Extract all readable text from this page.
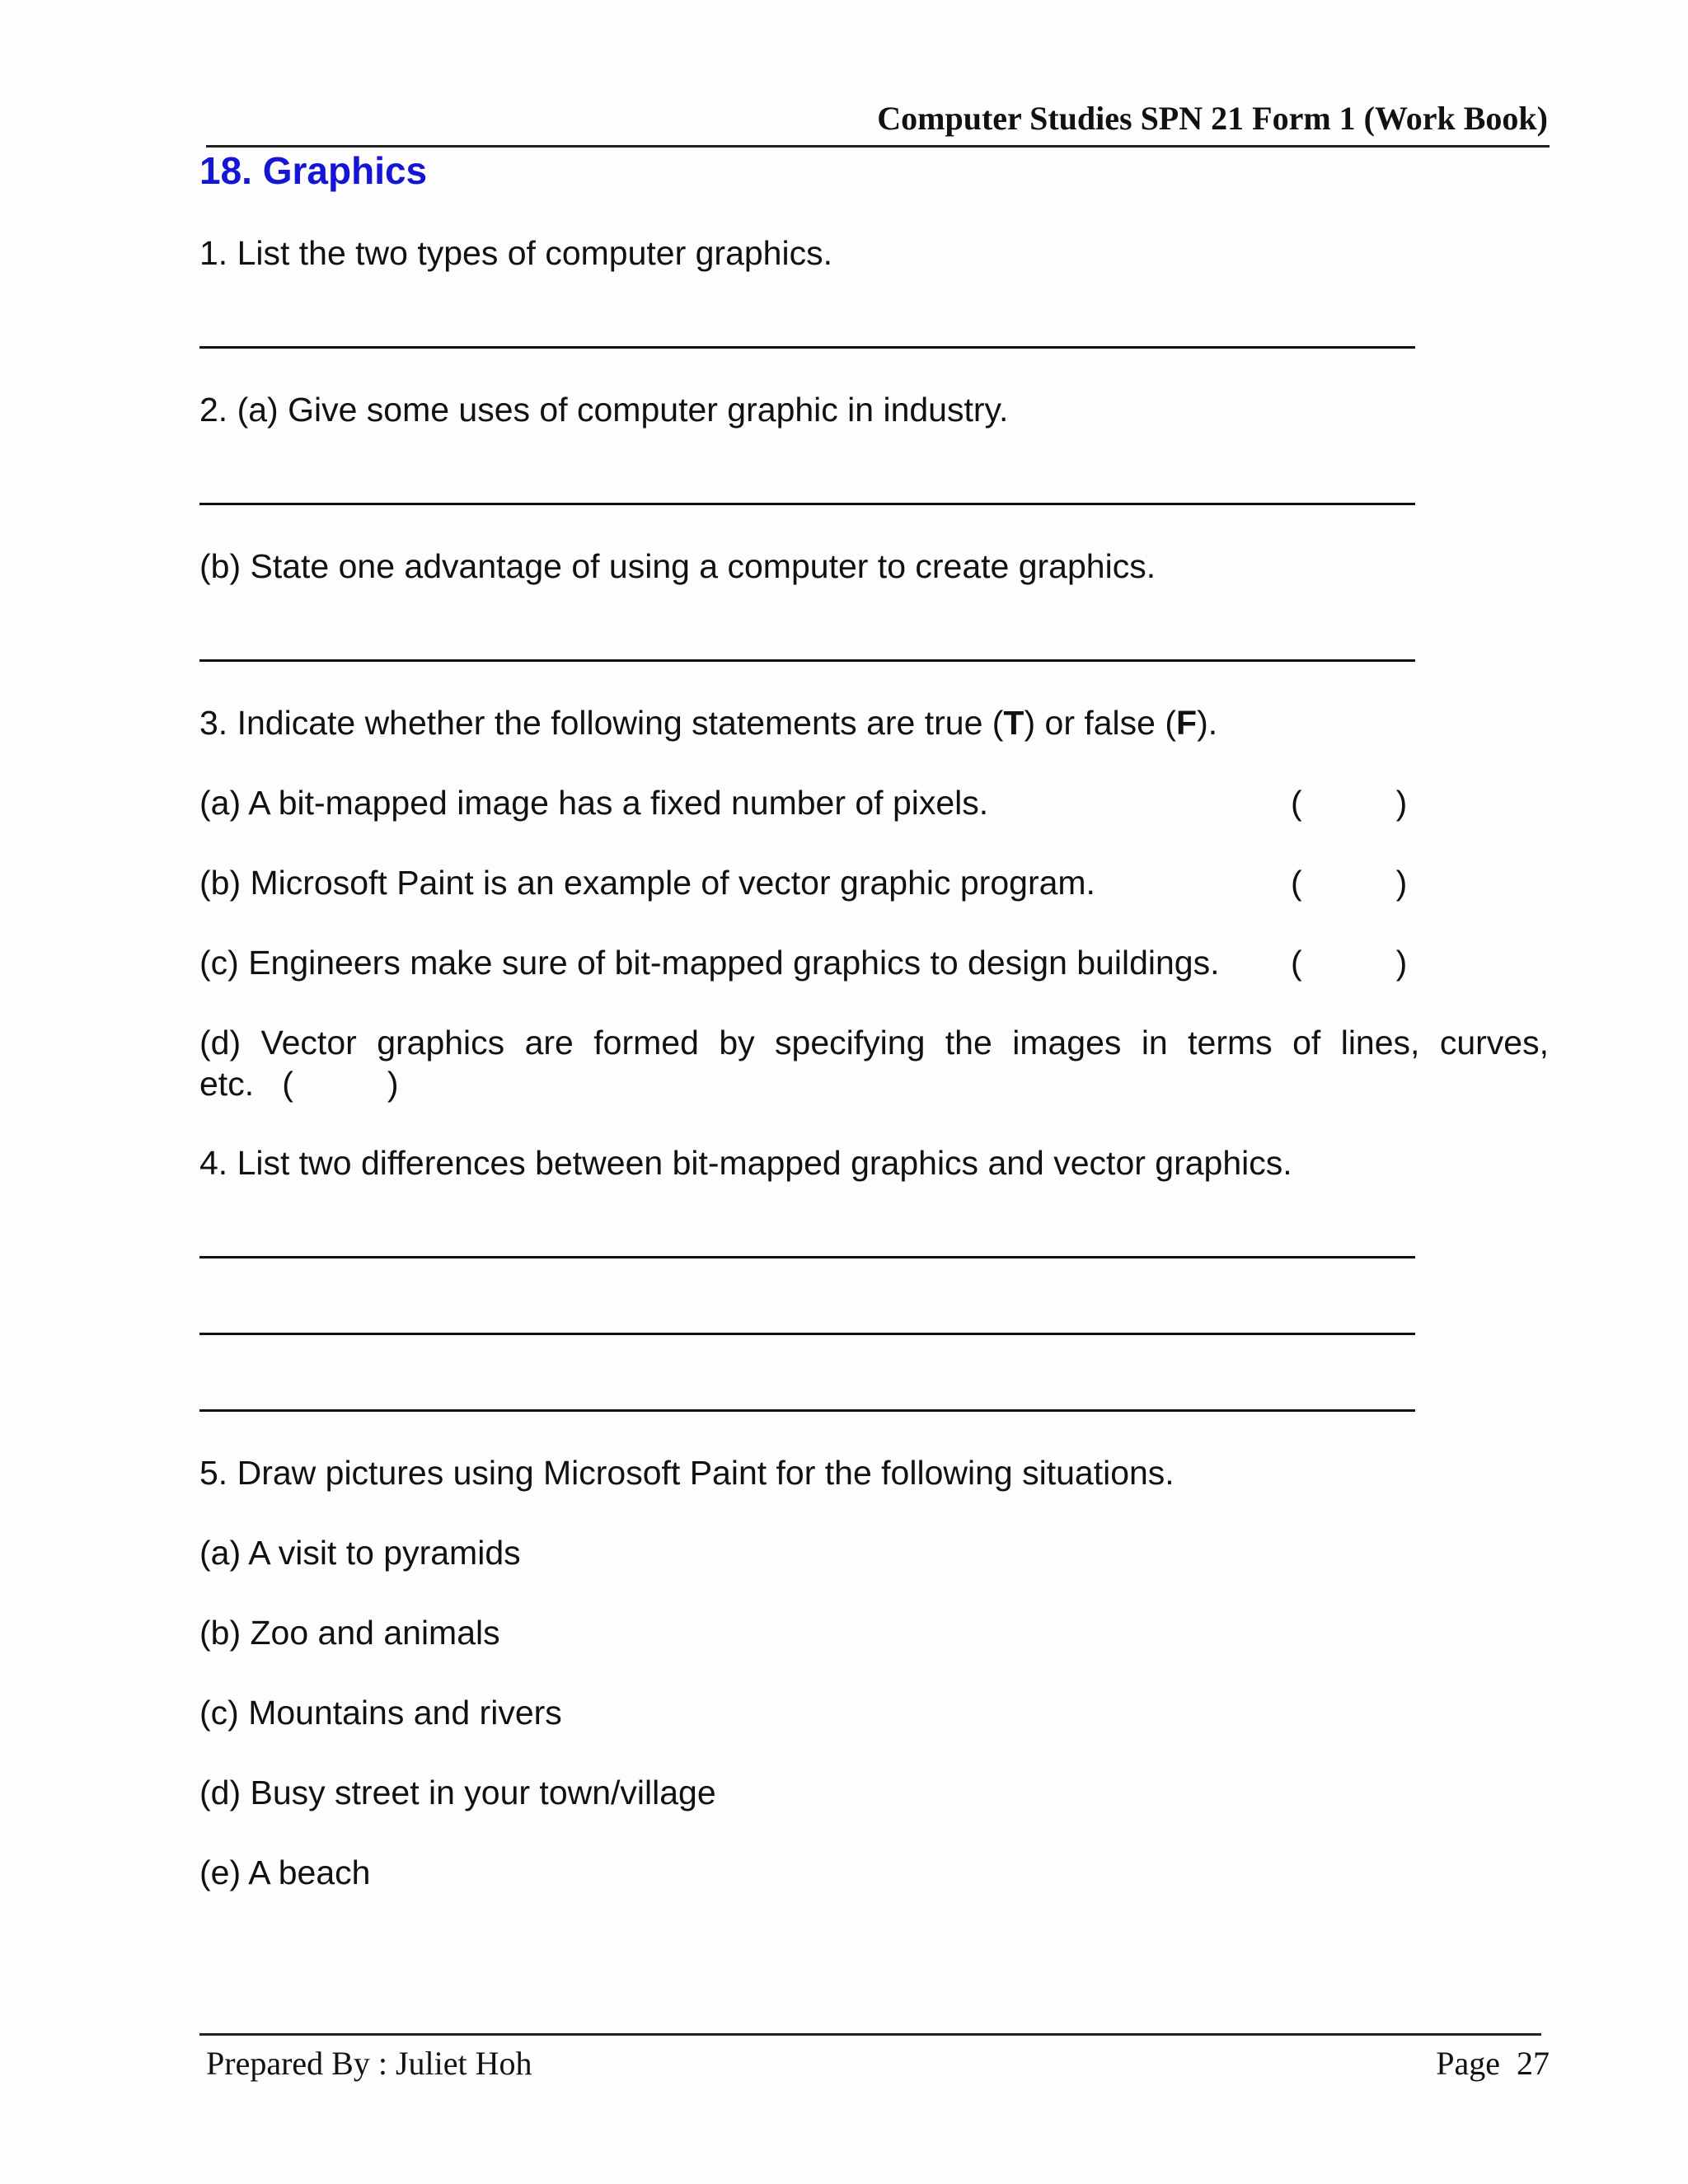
Computer Studies SPN 21 Form 1 (Work Book)
18. Graphics
1. List the two types of computer graphics.
2. (a) Give some uses of computer graphic in industry.
(b) State one advantage of using a computer to create graphics.
3. Indicate whether the following statements are true (T) or false (F).
(a) A bit-mapped image has a fixed number of pixels.	(          )
(b) Microsoft Paint is an example of vector graphic program.	(          )
(c) Engineers make sure of bit-mapped graphics to design buildings. (          )
(d) Vector graphics are formed by specifying the images in terms of lines, curves, etc. (          )
4. List two differences between bit-mapped graphics and vector graphics.
5. Draw pictures using Microsoft Paint for the following situations.
(a) A visit to pyramids
(b) Zoo and animals
(c) Mountains and rivers
(d) Busy street in your town/village
(e) A beach
Prepared By : Juliet Hoh	Page  27
